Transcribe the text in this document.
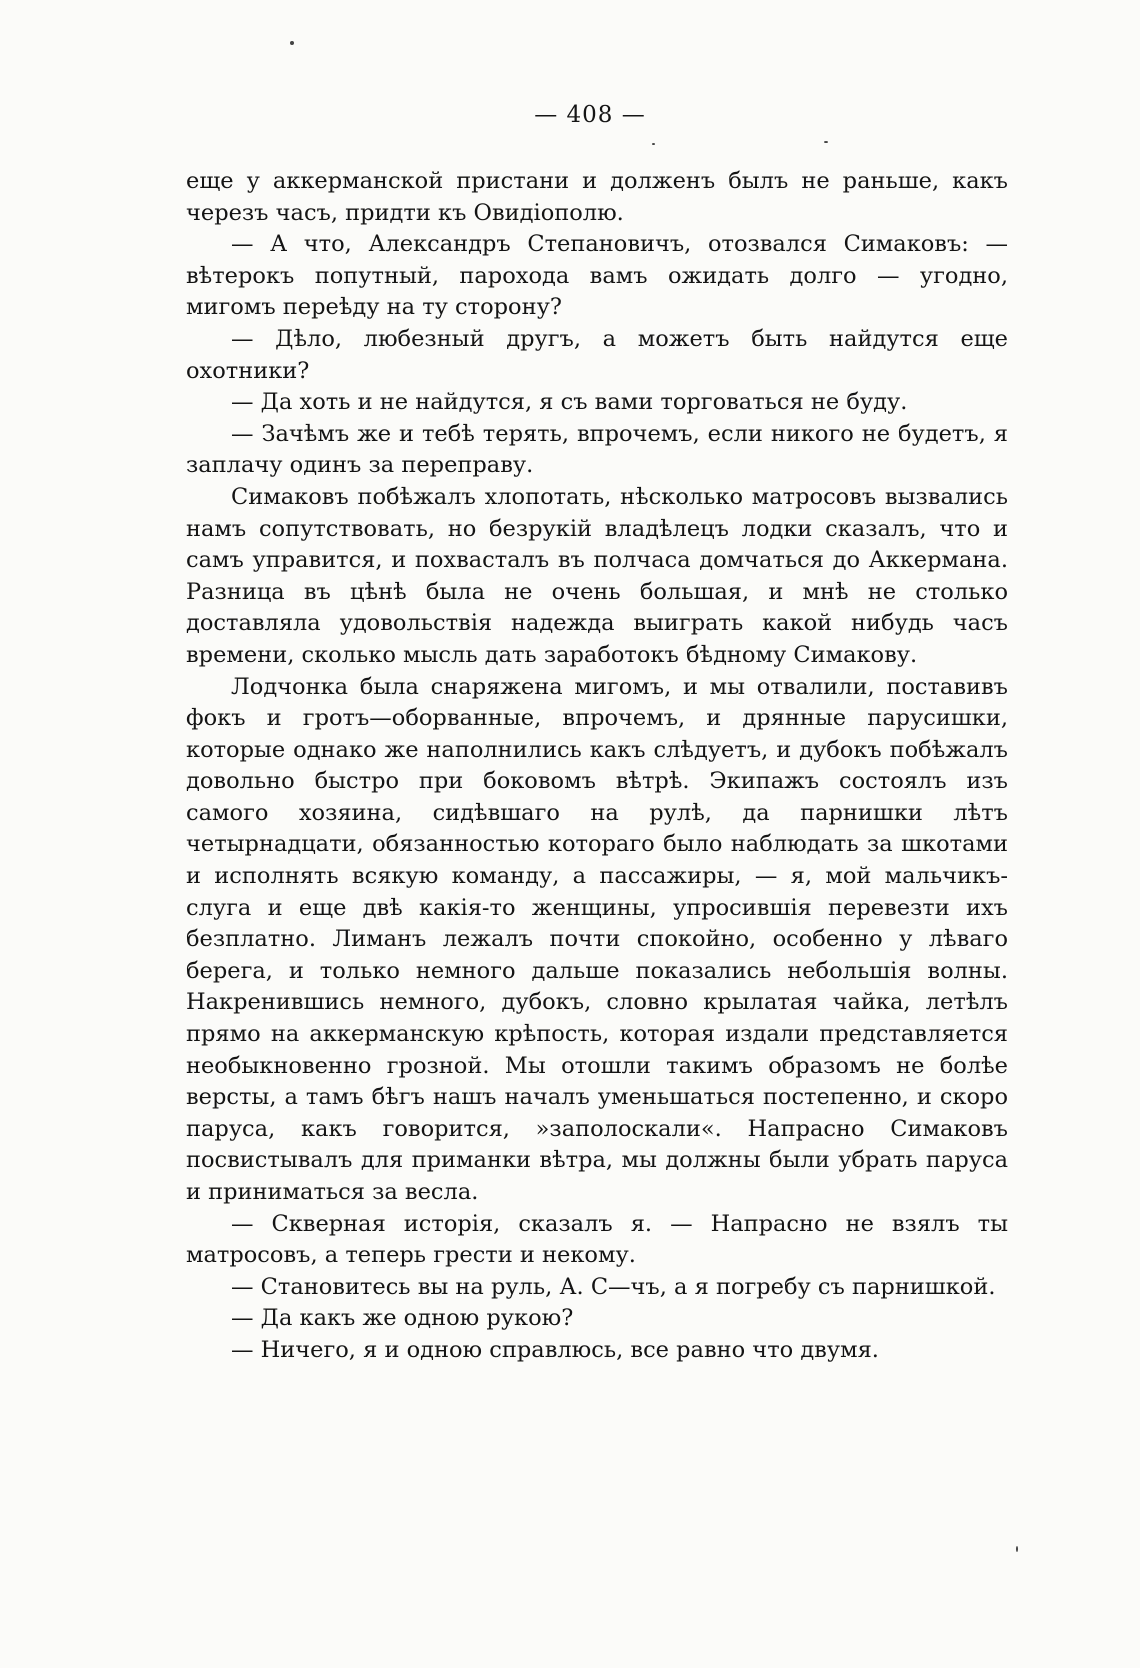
— 408 —

еще у аккерманской пристани и долженъ былъ не раньше, какъ черезъ часъ, придти къ Овидіополю.

— А что, Александръ Степановичъ, отозвался Симаковъ: — вѣтерокъ попутный, парохода вамъ ожидать долго — угодно, мигомъ переѣду на ту сторону?

— Дѣло, любезный другъ, а можетъ быть найдутся еще охотники?

— Да хоть и не найдутся, я съ вами торговаться не буду.

— Зачѣмъ же и тебѣ терять, впрочемъ, если никого не будетъ, я заплачу одинъ за переправу.

Симаковъ побѣжалъ хлопотать, нѣсколько матросовъ вызвались намъ сопутствовать, но безрукій владѣлецъ лодки сказалъ, что и самъ управится, и похвасталъ въ полчаса домчаться до Аккермана. Разница въ цѣнѣ была не очень большая, и мнѣ не столько доставляла удовольствія надежда выиграть какой нибудь часъ времени, сколько мысль дать заработокъ бѣдному Симакову.

Лодчонка была снаряжена мигомъ, и мы отвалили, поставивъ фокъ и гротъ—оборванные, впрочемъ, и дрянные парусишки, которые однако же наполнились какъ слѣдуетъ, и дубокъ побѣжалъ довольно быстро при боковомъ вѣтрѣ. Экипажъ состоялъ изъ самого хозяина, сидѣвшаго на рулѣ, да парнишки лѣтъ четырнадцати, обязанностью котораго было наблюдать за шкотами и исполнять всякую команду, а пассажиры, — я, мой мальчикъ-слуга и еще двѣ какія-то женщины, упросившія перевезти ихъ безплатно. Лиманъ лежалъ почти спокойно, особенно у лѣваго берега, и только немного дальше показались небольшія волны. Накренившись немного, дубокъ, словно крылатая чайка, летѣлъ прямо на аккерманскую крѣпость, которая издали представляется необыкновенно грозной. Мы отошли такимъ образомъ не болѣе версты, а тамъ бѣгъ нашъ началъ уменьшаться постепенно, и скоро паруса, какъ говорится, »заполоскали«. Напрасно Симаковъ посвистывалъ для приманки вѣтра, мы должны были убрать паруса и приниматься за весла.

— Скверная исторія, сказалъ я. — Напрасно не взялъ ты матросовъ, а теперь грести и некому.

— Становитесь вы на руль, А. С—чъ, а я погребу съ парнишкой.

— Да какъ же одною рукою?

— Ничего, я и одною справлюсь, все равно что двумя.
